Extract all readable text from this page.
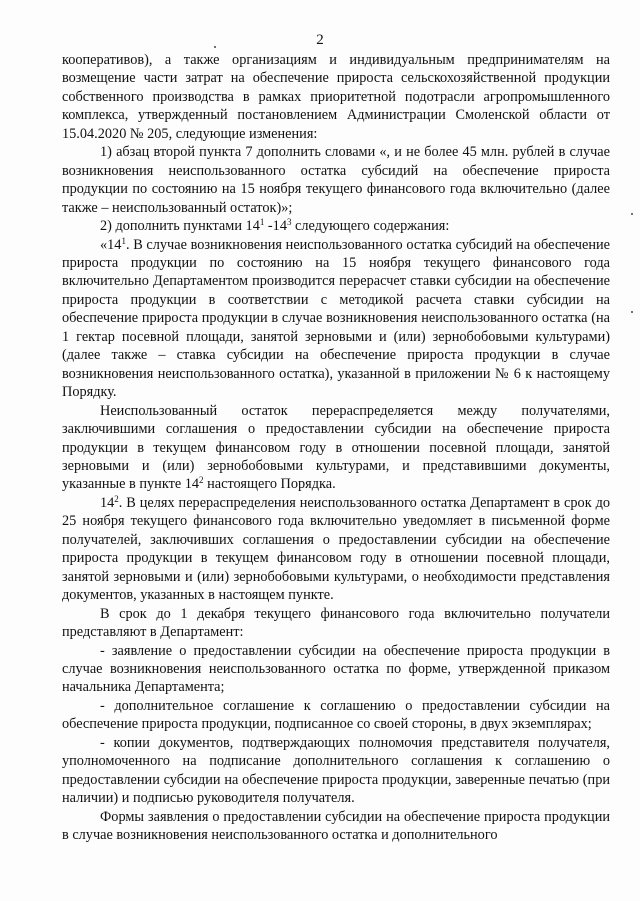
2

кооперативов), а также организациям и индивидуальным предпринимателям на возмещение части затрат на обеспечение прироста сельскохозяйственной продукции собственного производства в рамках приоритетной подотрасли агропромышленного комплекса, утвержденный постановлением Администрации Смоленской области от 15.04.2020 № 205, следующие изменения:

1) абзац второй пункта 7 дополнить словами «, и не более 45 млн. рублей в случае возникновения неиспользованного остатка субсидий на обеспечение прироста продукции по состоянию на 15 ноября текущего финансового года включительно (далее также – неиспользованный остаток)»;

2) дополнить пунктами $14^1$ $-14^3$ следующего содержания:

«$14^1$. В случае возникновения неиспользованного остатка субсидий на обеспечение прироста продукции по состоянию на 15 ноября текущего финансового года включительно Департаментом производится перерасчет ставки субсидии на обеспечение прироста продукции в соответствии с методикой расчета ставки субсидии на обеспечение прироста продукции в случае возникновения неиспользованного остатка (на 1 гектар посевной площади, занятой зерновыми и (или) зернобобовыми культурами) (далее также – ставка субсидии на обеспечение прироста продукции в случае возникновения неиспользованного остатка), указанной в приложении № 6 к настоящему Порядку.

Неиспользованный остаток перераспределяется между получателями, заключившими соглашения о предоставлении субсидии на обеспечение прироста продукции в текущем финансовом году в отношении посевной площади, занятой зерновыми и (или) зернобобовыми культурами, и представившими документы, указанные в пункте $14^2$ настоящего Порядка.

$14^2$. В целях перераспределения неиспользованного остатка Департамент в срок до 25 ноября текущего финансового года включительно уведомляет в письменной форме получателей, заключивших соглашения о предоставлении субсидии на обеспечение прироста продукции в текущем финансовом году в отношении посевной площади, занятой зерновыми и (или) зернобобовыми культурами, о необходимости представления документов, указанных в настоящем пункте.

В срок до 1 декабря текущего финансового года включительно получатели представляют в Департамент:

- заявление о предоставлении субсидии на обеспечение прироста продукции в случае возникновения неиспользованного остатка по форме, утвержденной приказом начальника Департамента;

- дополнительное соглашение к соглашению о предоставлении субсидии на обеспечение прироста продукции, подписанное со своей стороны, в двух экземплярах;

- копии документов, подтверждающих полномочия представителя получателя, уполномоченного на подписание дополнительного соглашения к соглашению о предоставлении субсидии на обеспечение прироста продукции, заверенные печатью (при наличии) и подписью руководителя получателя.

Формы заявления о предоставлении субсидии на обеспечение прироста продукции в случае возникновения неиспользованного остатка и дополнительного
